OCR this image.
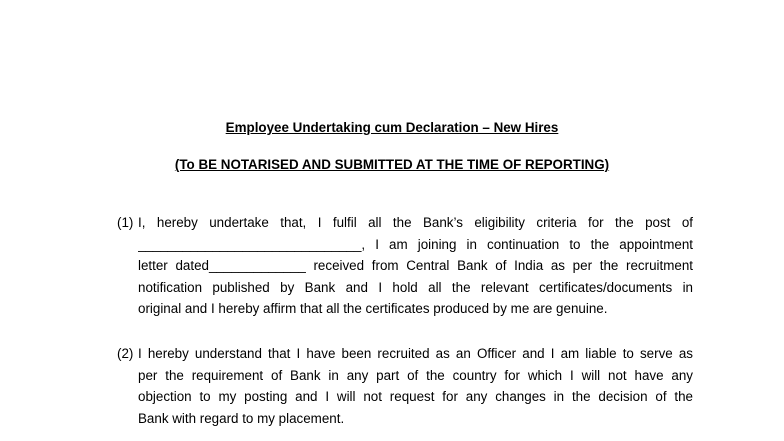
Employee Undertaking cum Declaration – New Hires
(To BE NOTARISED AND SUBMITTED AT THE TIME OF REPORTING)
(1) I, hereby undertake that, I fulfil all the Bank’s eligibility criteria for the post of
______________________________, I am joining in continuation to the appointment
letter dated_____________ received from Central Bank of India as per the recruitment
notification published by Bank and I hold all the relevant certificates/documents in
original and I hereby affirm that all the certificates produced by me are genuine.
(2) I hereby understand that I have been recruited as an Officer and I am liable to serve as
per the requirement of Bank in any part of the country for which I will not have any
objection to my posting and I will not request for any changes in the decision of the
Bank with regard to my placement.
